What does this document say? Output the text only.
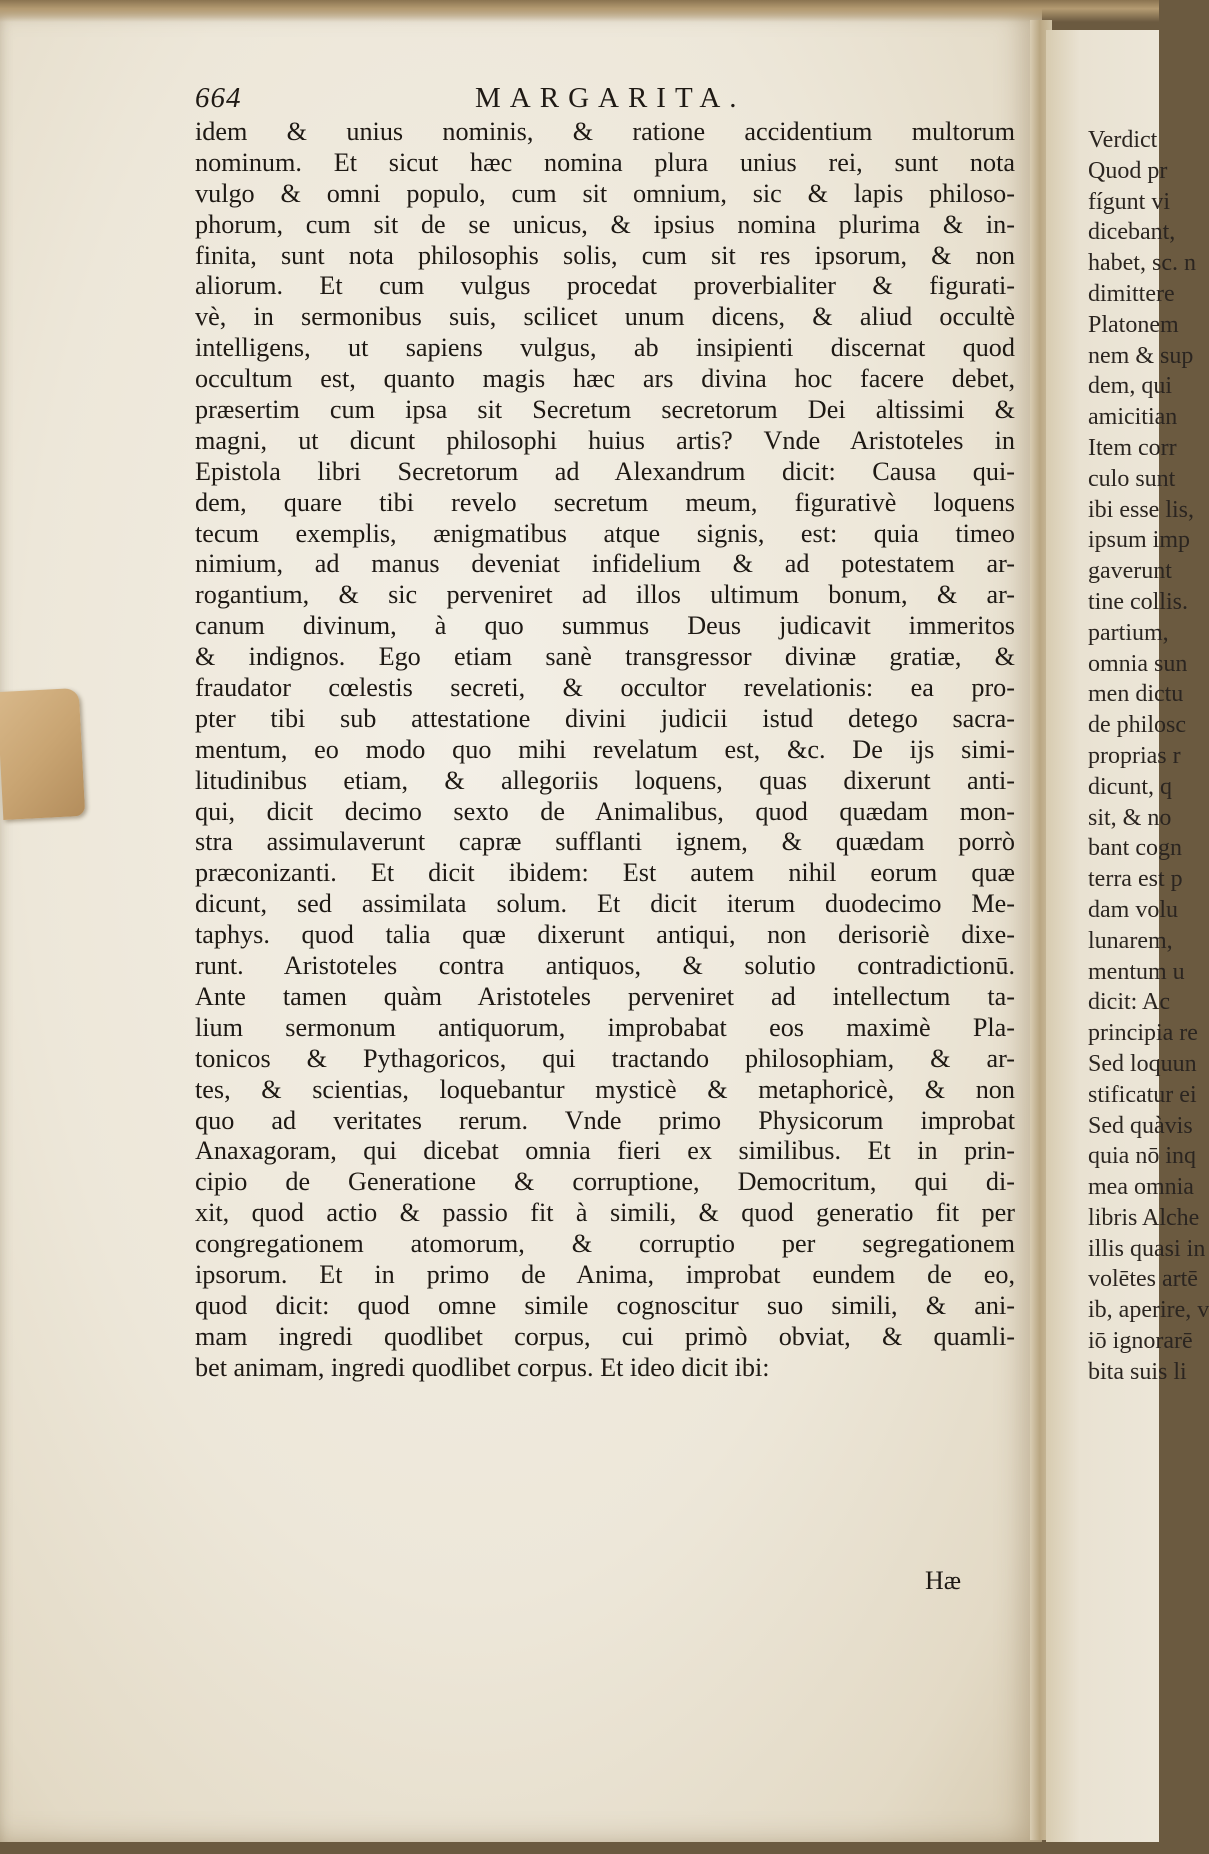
664	MARGARITA.
idem & unius nominis, & ratione accidentium multorum
nominum. Et sicut hæc nomina plura unius rei, sunt nota
vulgo & omni populo, cum sit omnium, sic & lapis philoso-
phorum, cum sit de se unicus, & ipsius nomina plurima & in-
finita, sunt nota philosophis solis, cum sit res ipsorum, & non
aliorum. Et cum vulgus procedat proverbialiter & figurati-
vè, in sermonibus suis, scilicet unum dicens, & aliud occultè
intelligens, ut sapiens vulgus, ab insipienti discernat quod
occultum est, quanto magis hæc ars divina hoc facere debet,
præsertim cum ipsa sit Secretum secretorum Dei altissimi &
magni, ut dicunt philosophi huius artis? Vnde Aristoteles in
Epistola libri Secretorum ad Alexandrum dicit: Causa qui-
dem, quare tibi revelo secretum meum, figurativè loquens
tecum exemplis, ænigmatibus atque signis, est: quia timeo
nimium, ad manus deveniat infidelium & ad potestatem ar-
rogantium, & sic perveniret ad illos ultimum bonum, & ar-
canum divinum, à quo summus Deus judicavit immeritos
& indignos. Ego etiam sanè transgressor divinæ gratiæ, &
fraudator cœlestis secreti, & occultor revelationis: ea pro-
pter tibi sub attestatione divini judicii istud detego sacra-
mentum, eo modo quo mihi revelatum est, &c. De ijs simi-
litudinibus etiam, & allegoriis loquens, quas dixerunt anti-
qui, dicit decimo sexto de Animalibus, quod quædam mon-
stra assimulaverunt capræ sufflanti ignem, & quædam porrò
præconizanti. Et dicit ibidem: Est autem nihil eorum quæ
dicunt, sed assimilata solum. Et dicit iterum duodecimo Me-
taphys. quod talia quæ dixerunt antiqui, non derisoriè dixe-
runt. Aristoteles contra antiquos, & solutio contradictionū.
Ante tamen quàm Aristoteles perveniret ad intellectum ta-
lium sermonum antiquorum, improbabat eos maximè Pla-
tonicos & Pythagoricos, qui tractando philosophiam, & ar-
tes, & scientias, loquebantur mysticè & metaphoricè, & non
quo ad veritates rerum. Vnde primo Physicorum improbat
Anaxagoram, qui dicebat omnia fieri ex similibus. Et in prin-
cipio de Generatione & corruptione, Democritum, qui di-
xit, quod actio & passio fit à simili, & quod generatio fit per
congregationem atomorum, & corruptio per segregationem
ipsorum. Et in primo de Anima, improbat eundem de eo,
quod dicit: quod omne simile cognoscitur suo simili, & ani-
mam ingredi quodlibet corpus, cui primò obviat, & quamli-
bet animam, ingredi quodlibet corpus. Et ideo dicit ibi:
Hæ
Verdict
Quod pr
fígunt vi
dicebant,
habet, sc. n
dimittere
Platonem
nem & sup
dem, qui
amicitian
Item corr
culo sunt
ibi esse lis,
ipsum imp
gaverunt
tine collis.
partium,
omnia sun
men dictu
de philosc
proprias r
dicunt, q
sit, & no
bant cogn
terra est p
dam volu
lunarem,
mentum u
dicit: Ac
principia re
Sed loquun
stificatur ei
Sed quàvis
quia nō inq
mea omnia
libris Alche
illis quasi in
volētes artē
ib, aperire, v
iō ignorarē
bita suis li
